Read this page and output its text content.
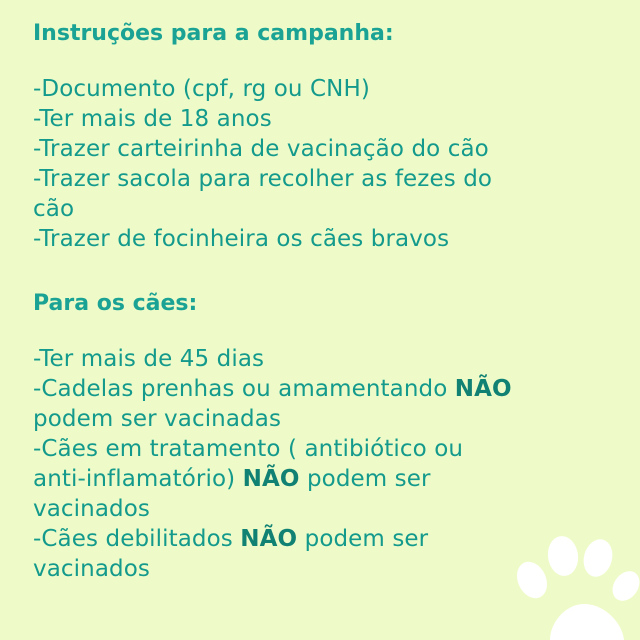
Instruções para a campanha:
-Documento (cpf, rg ou CNH)
-Ter mais de 18 anos
-Trazer carteirinha de vacinação do cão
-Trazer sacola para recolher as fezes do
cão
-Trazer de focinheira os cães bravos
Para os cães:
-Ter mais de 45 dias
-Cadelas prenhas ou amamentando NÃO
podem ser vacinadas
-Cães em tratamento ( antibiótico ou
anti-inflamatório) NÃO podem ser
vacinados
-Cães debilitados NÃO podem ser
vacinados
